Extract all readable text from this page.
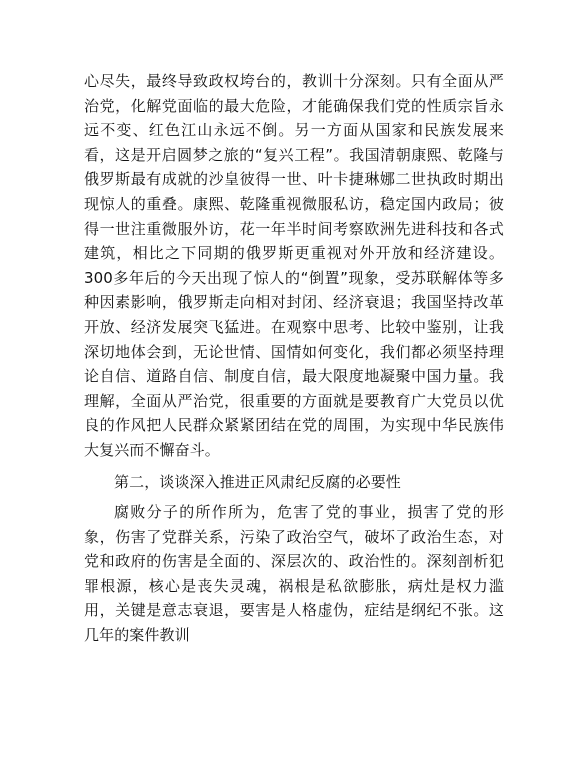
心尽失，最终导致政权垮台的，教训十分深刻。只有全面从严治党，化解党面临的最大危险，才能确保我们党的性质宗旨永远不变、红色江山永远不倒。另一方面从国家和民族发展来看，这是开启圆梦之旅的“复兴工程”。我国清朝康熙、乾隆与俄罗斯最有成就的沙皇彼得一世、叶卡捷琳娜二世执政时期出现惊人的重叠。康熙、乾隆重视微服私访，稳定国内政局；彼得一世注重微服外访，花一年半时间考察欧洲先进科技和各式建筑，相比之下同期的俄罗斯更重视对外开放和经济建设。300多年后的今天出现了惊人的“倒置”现象，受苏联解体等多种因素影响，俄罗斯走向相对封闭、经济衰退；我国坚持改革开放、经济发展突飞猛进。在观察中思考、比较中鉴别，让我深切地体会到，无论世情、国情如何变化，我们都必须坚持理论自信、道路自信、制度自信，最大限度地凝聚中国力量。我理解，全面从严治党，很重要的方面就是要教育广大党员以优良的作风把人民群众紧紧团结在党的周围，为实现中华民族伟大复兴而不懈奋斗。

第二，谈谈深入推进正风肃纪反腐的必要性

腐败分子的所作所为，危害了党的事业，损害了党的形象，伤害了党群关系，污染了政治空气，破坏了政治生态，对党和政府的伤害是全面的、深层次的、政治性的。深刻剖析犯罪根源，核心是丧失灵魂，祸根是私欲膨胀，病灶是权力滥用，关键是意志衰退，要害是人格虚伪，症结是纲纪不张。这几年的案件教训
